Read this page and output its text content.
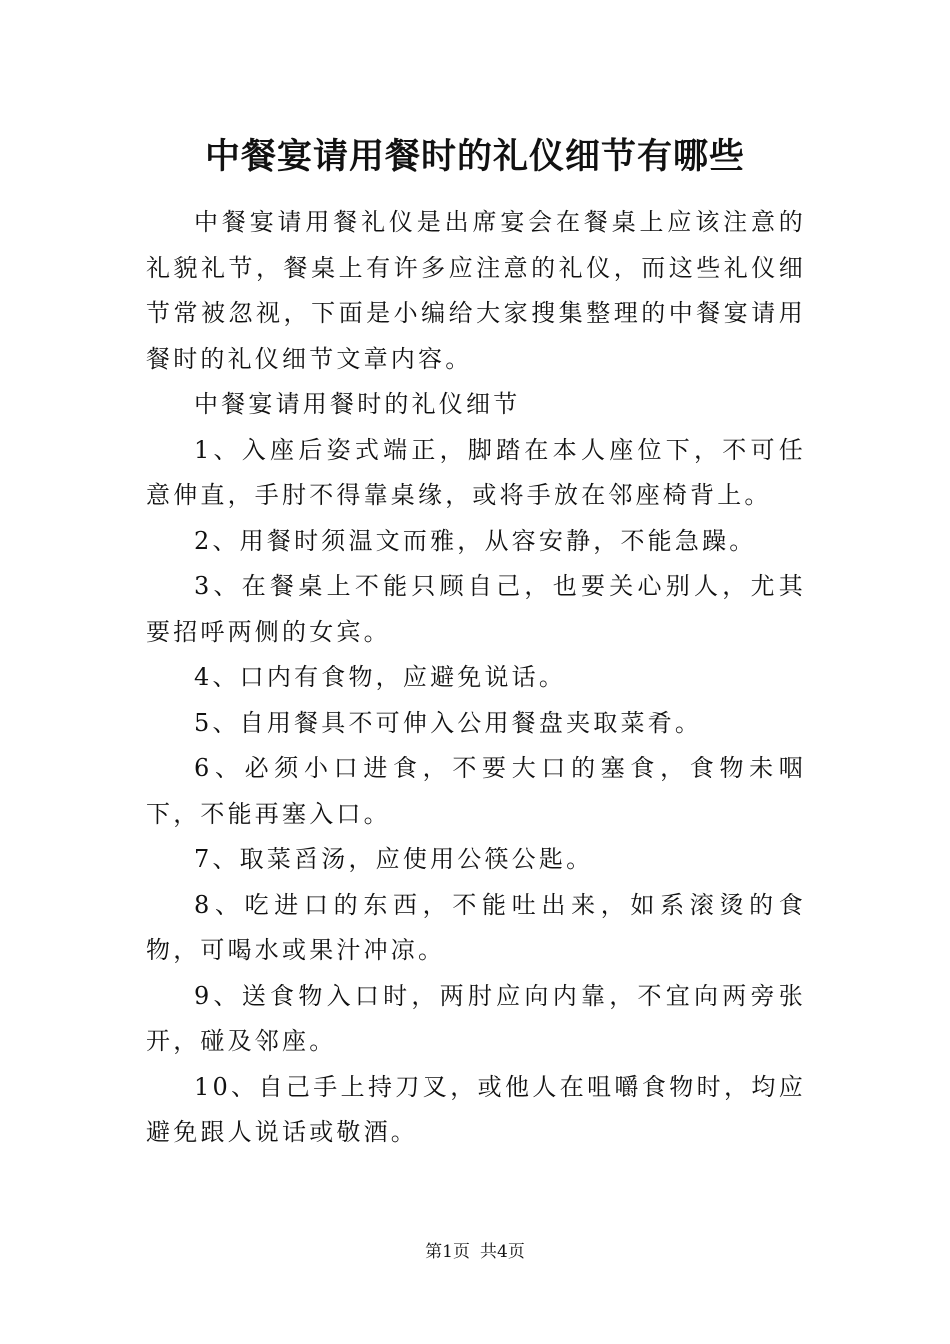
中餐宴请用餐时的礼仪细节有哪些

中餐宴请用餐礼仪是出席宴会在餐桌上应该注意的礼貌礼节，餐桌上有许多应注意的礼仪，而这些礼仪细节常被忽视，下面是小编给大家搜集整理的中餐宴请用餐时的礼仪细节文章内容。

中餐宴请用餐时的礼仪细节

1、入座后姿式端正，脚踏在本人座位下，不可任意伸直，手肘不得靠桌缘，或将手放在邻座椅背上。

2、用餐时须温文而雅，从容安静，不能急躁。

3、在餐桌上不能只顾自己，也要关心别人，尤其要招呼两侧的女宾。

4、口内有食物，应避免说话。

5、自用餐具不可伸入公用餐盘夹取菜肴。

6、必须小口进食，不要大口的塞食，食物未咽下，不能再塞入口。

7、取菜舀汤，应使用公筷公匙。

8、吃进口的东西，不能吐出来，如系滚烫的食物，可喝水或果汁冲凉。

9、送食物入口时，两肘应向内靠，不宜向两旁张开，碰及邻座。

10、自己手上持刀叉，或他人在咀嚼食物时，均应避免跟人说话或敬酒。

第1页 共4页
